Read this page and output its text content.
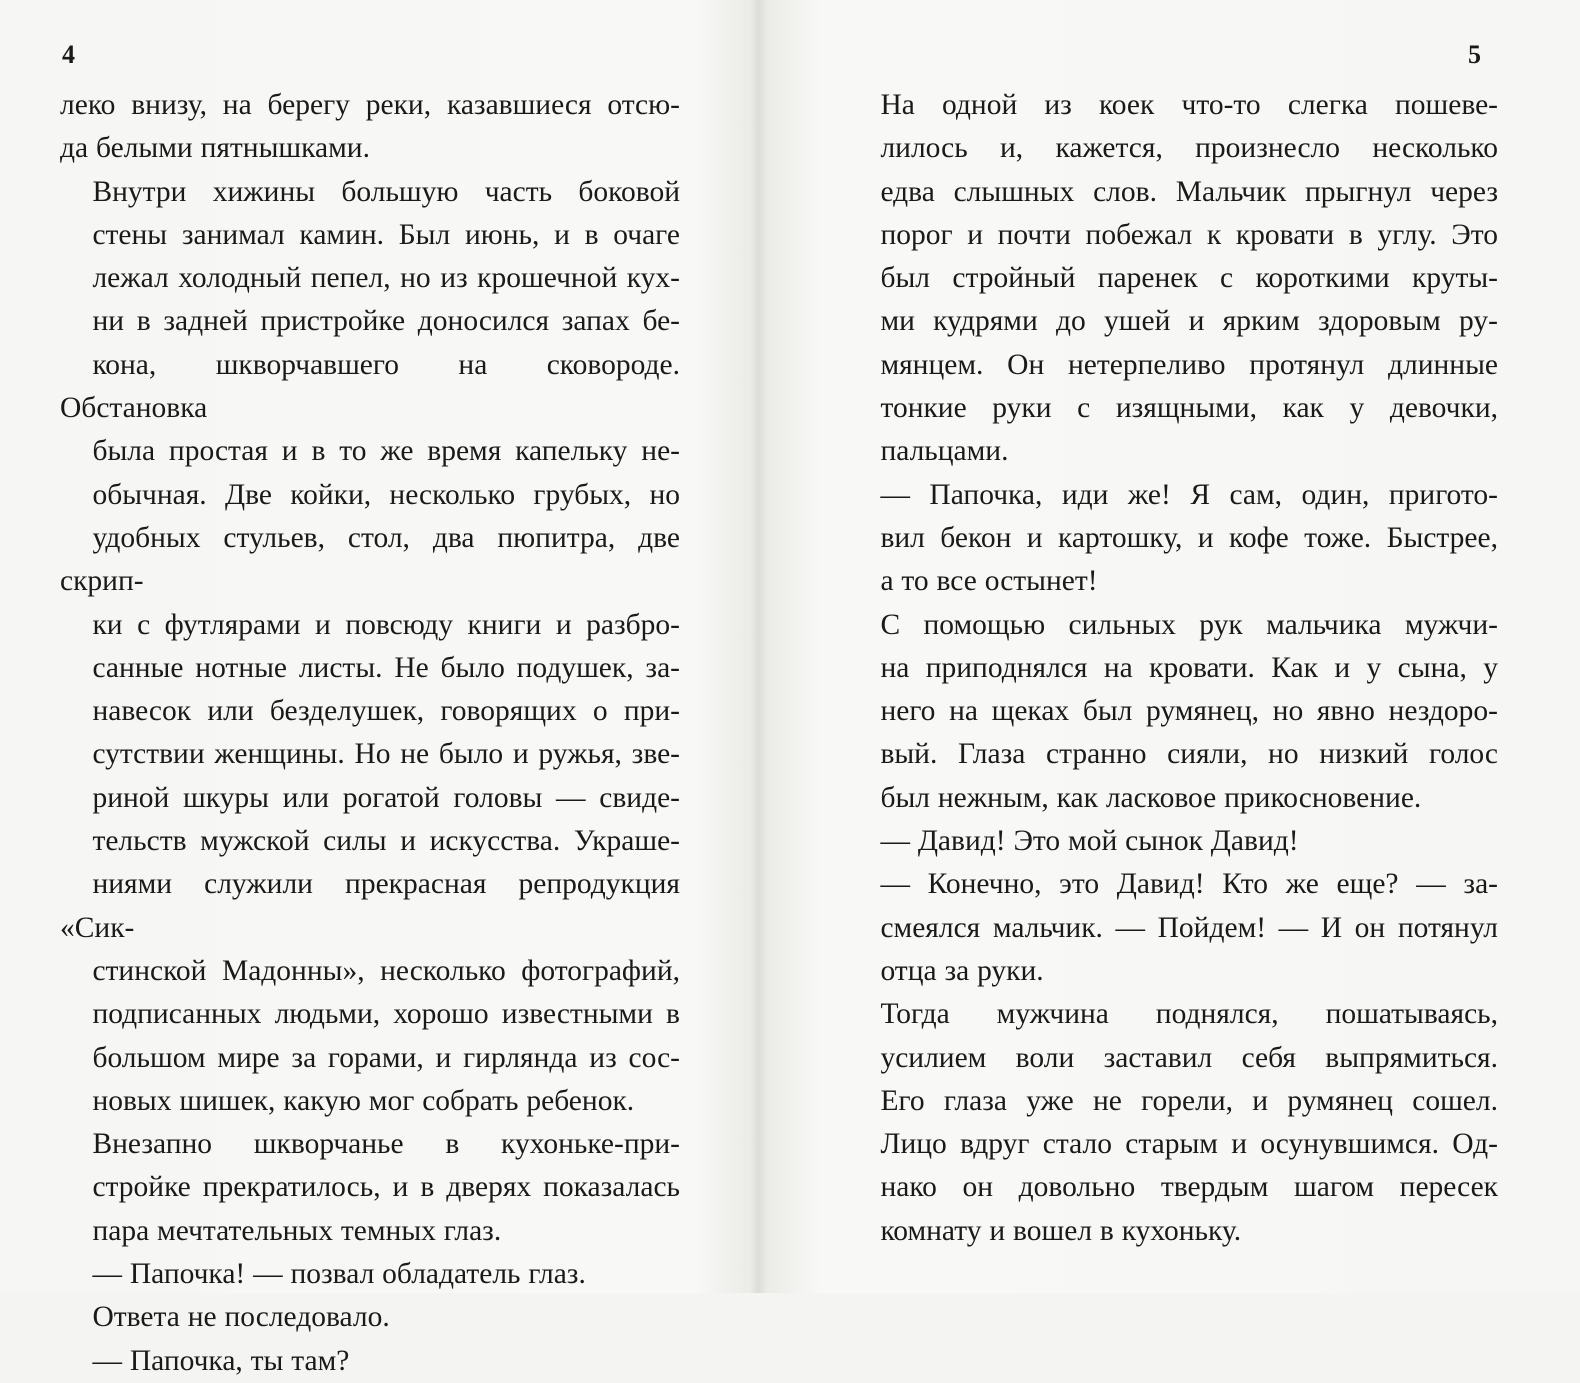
4

леко внизу, на берегу реки, казавшиеся отсю-
да белыми пятнышками.

Внутри хижины большую часть боковой
стены занимал камин. Был июнь, и в очаге
лежал холодный пепел, но из крошечной кух-
ни в задней пристройке доносился запах бе-
кона, шкворчавшего на сковороде. Обстановка
была простая и в то же время капельку не-
обычная. Две койки, несколько грубых, но
удобных стульев, стол, два пюпитра, две скрип-
ки с футлярами и повсюду книги и разбро-
санные нотные листы. Не было подушек, за-
навесок или безделушек, говорящих о при-
сутствии женщины. Но не было и ружья, зве-
риной шкуры или рогатой головы — свиде-
тельств мужской силы и искусства. Украше-
ниями служили прекрасная репродукция «Сик-
стинской Мадонны», несколько фотографий,
подписанных людьми, хорошо известными в
большом мире за горами, и гирлянда из сос-
новых шишек, какую мог собрать ребенок.

Внезапно шкворчанье в кухоньке-при-
стройке прекратилось, и в дверях показалась
пара мечтательных темных глаз.

— Папочка! — позвал обладатель глаз.

Ответа не последовало.

— Папочка, ты там?

5

На одной из коек что-то слегка пошеве-
лилось и, кажется, произнесло несколько
едва слышных слов. Мальчик прыгнул через
порог и почти побежал к кровати в углу. Это
был стройный паренек с короткими круты-
ми кудрями до ушей и ярким здоровым ру-
мянцем. Он нетерпеливо протянул длинные
тонкие руки с изящными, как у девочки,
пальцами.

— Папочка, иди же! Я сам, один, пригото-
вил бекон и картошку, и кофе тоже. Быстрее,
а то все остынет!

С помощью сильных рук мальчика мужчи-
на приподнялся на кровати. Как и у сына, у
него на щеках был румянец, но явно нездоро-
вый. Глаза странно сияли, но низкий голос
был нежным, как ласковое прикосновение.

— Давид! Это мой сынок Давид!

— Конечно, это Давид! Кто же еще? — за-
смеялся мальчик. — Пойдем! — И он потянул
отца за руки.

Тогда мужчина поднялся, пошатываясь,
усилием воли заставил себя выпрямиться.
Его глаза уже не горели, и румянец сошел.
Лицо вдруг стало старым и осунувшимся. Од-
нако он довольно твердым шагом пересек
комнату и вошел в кухоньку.
